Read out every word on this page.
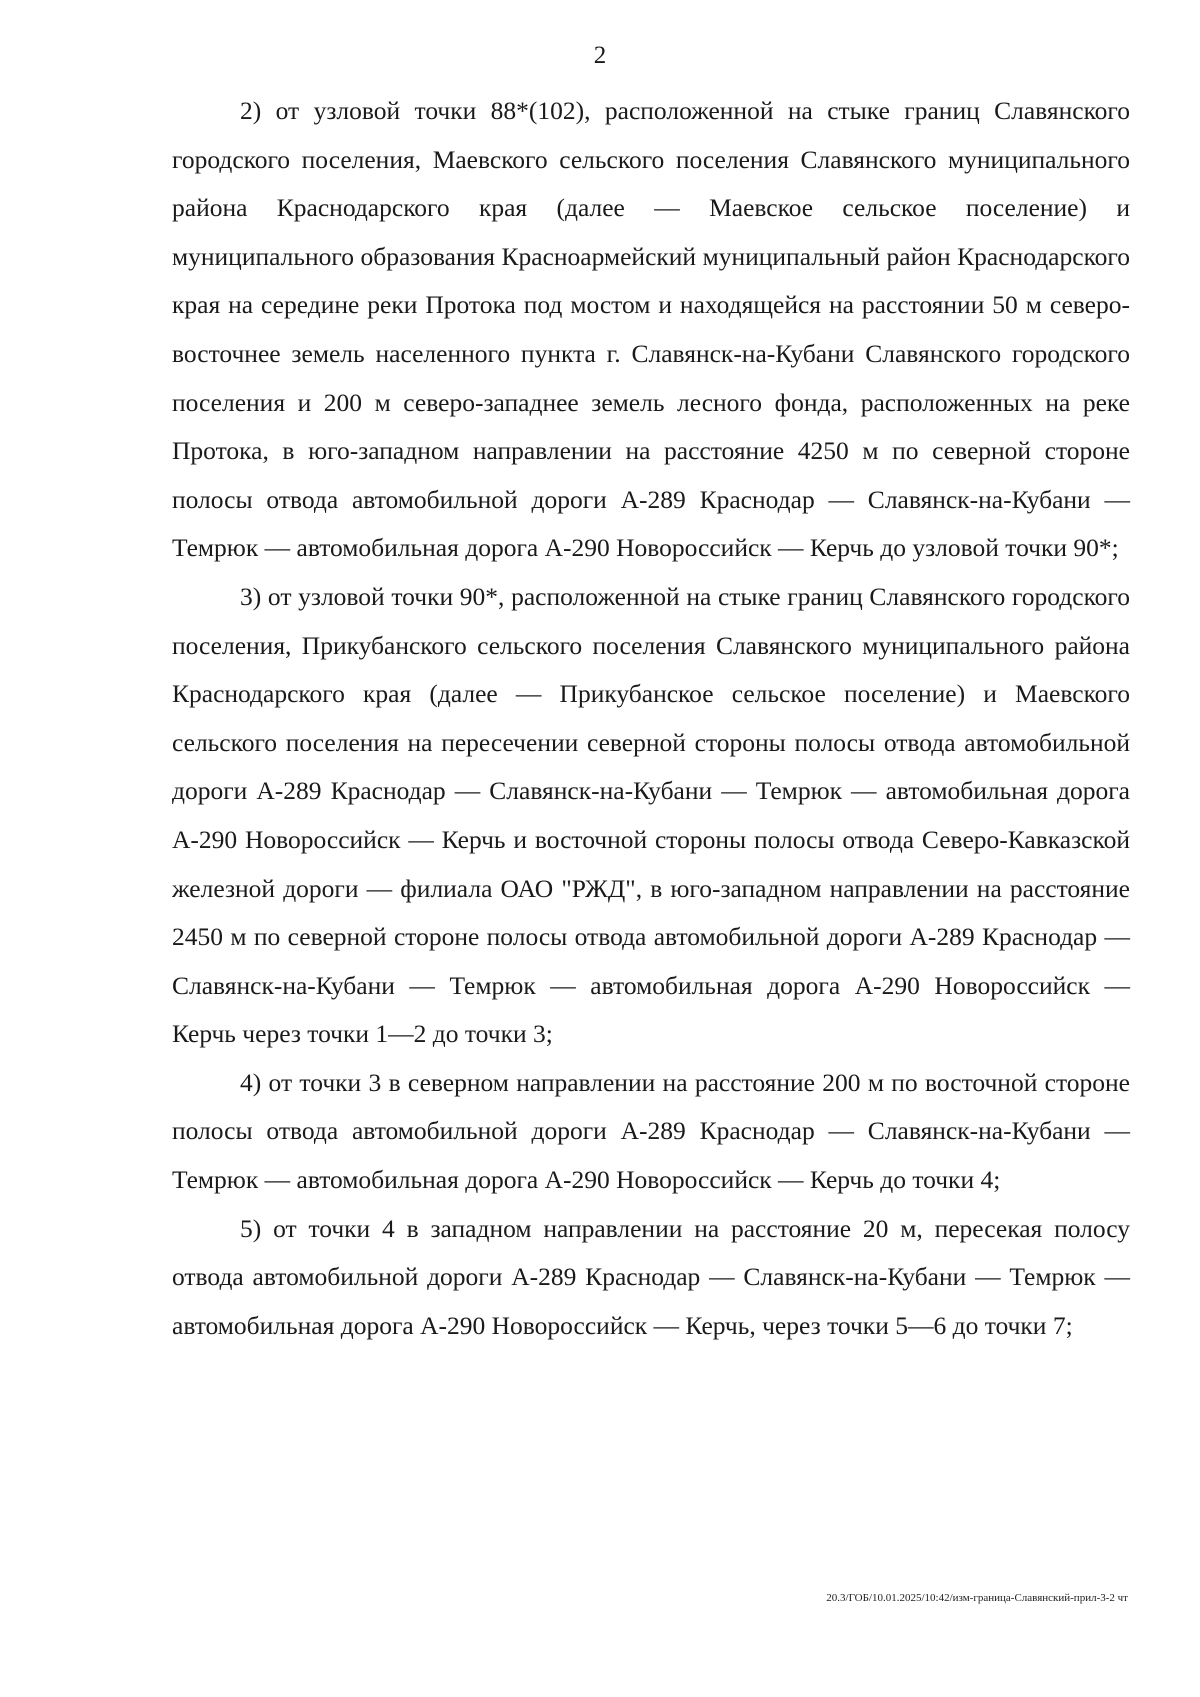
2

2) от узловой точки 88*(102), расположенной на стыке границ Славянского городского поселения, Маевского сельского поселения Славянского муниципального района Краснодарского края (далее — Маевское сельское поселение) и муниципального образования Красноармейский муниципальный район Краснодарского края на середине реки Протока под мостом и находящейся на расстоянии 50 м северо-восточнее земель населенного пункта г. Славянск-на-Кубани Славянского городского поселения и 200 м северо-западнее земель лесного фонда, расположенных на реке Протока, в юго-западном направлении на расстояние 4250 м по северной стороне полосы отвода автомобильной дороги А-289 Краснодар — Славянск-на-Кубани — Темрюк — автомобильная дорога А-290 Новороссийск — Керчь до узловой точки 90*;

3) от узловой точки 90*, расположенной на стыке границ Славянского городского поселения, Прикубанского сельского поселения Славянского муниципального района Краснодарского края (далее — Прикубанское сельское поселение) и Маевского сельского поселения на пересечении северной стороны полосы отвода автомобильной дороги А-289 Краснодар — Славянск-на-Кубани — Темрюк — автомобильная дорога А-290 Новороссийск — Керчь и восточной стороны полосы отвода Северо-Кавказской железной дороги — филиала ОАО "РЖД", в юго-западном направлении на расстояние 2450 м по северной стороне полосы отвода автомобильной дороги А-289 Краснодар — Славянск-на-Кубани — Темрюк — автомобильная дорога А-290 Новороссийск — Керчь через точки 1—2 до точки 3;

4) от точки 3 в северном направлении на расстояние 200 м по восточной стороне полосы отвода автомобильной дороги А-289 Краснодар — Славянск-на-Кубани — Темрюк — автомобильная дорога А-290 Новороссийск — Керчь до точки 4;

5) от точки 4 в западном направлении на расстояние 20 м, пересекая полосу отвода автомобильной дороги А-289 Краснодар — Славянск-на-Кубани — Темрюк — автомобильная дорога А-290 Новороссийск — Керчь, через точки 5—6 до точки 7;

20.3/ГОБ/10.01.2025/10:42/изм-граница-Славянский-прил-3-2 чт
